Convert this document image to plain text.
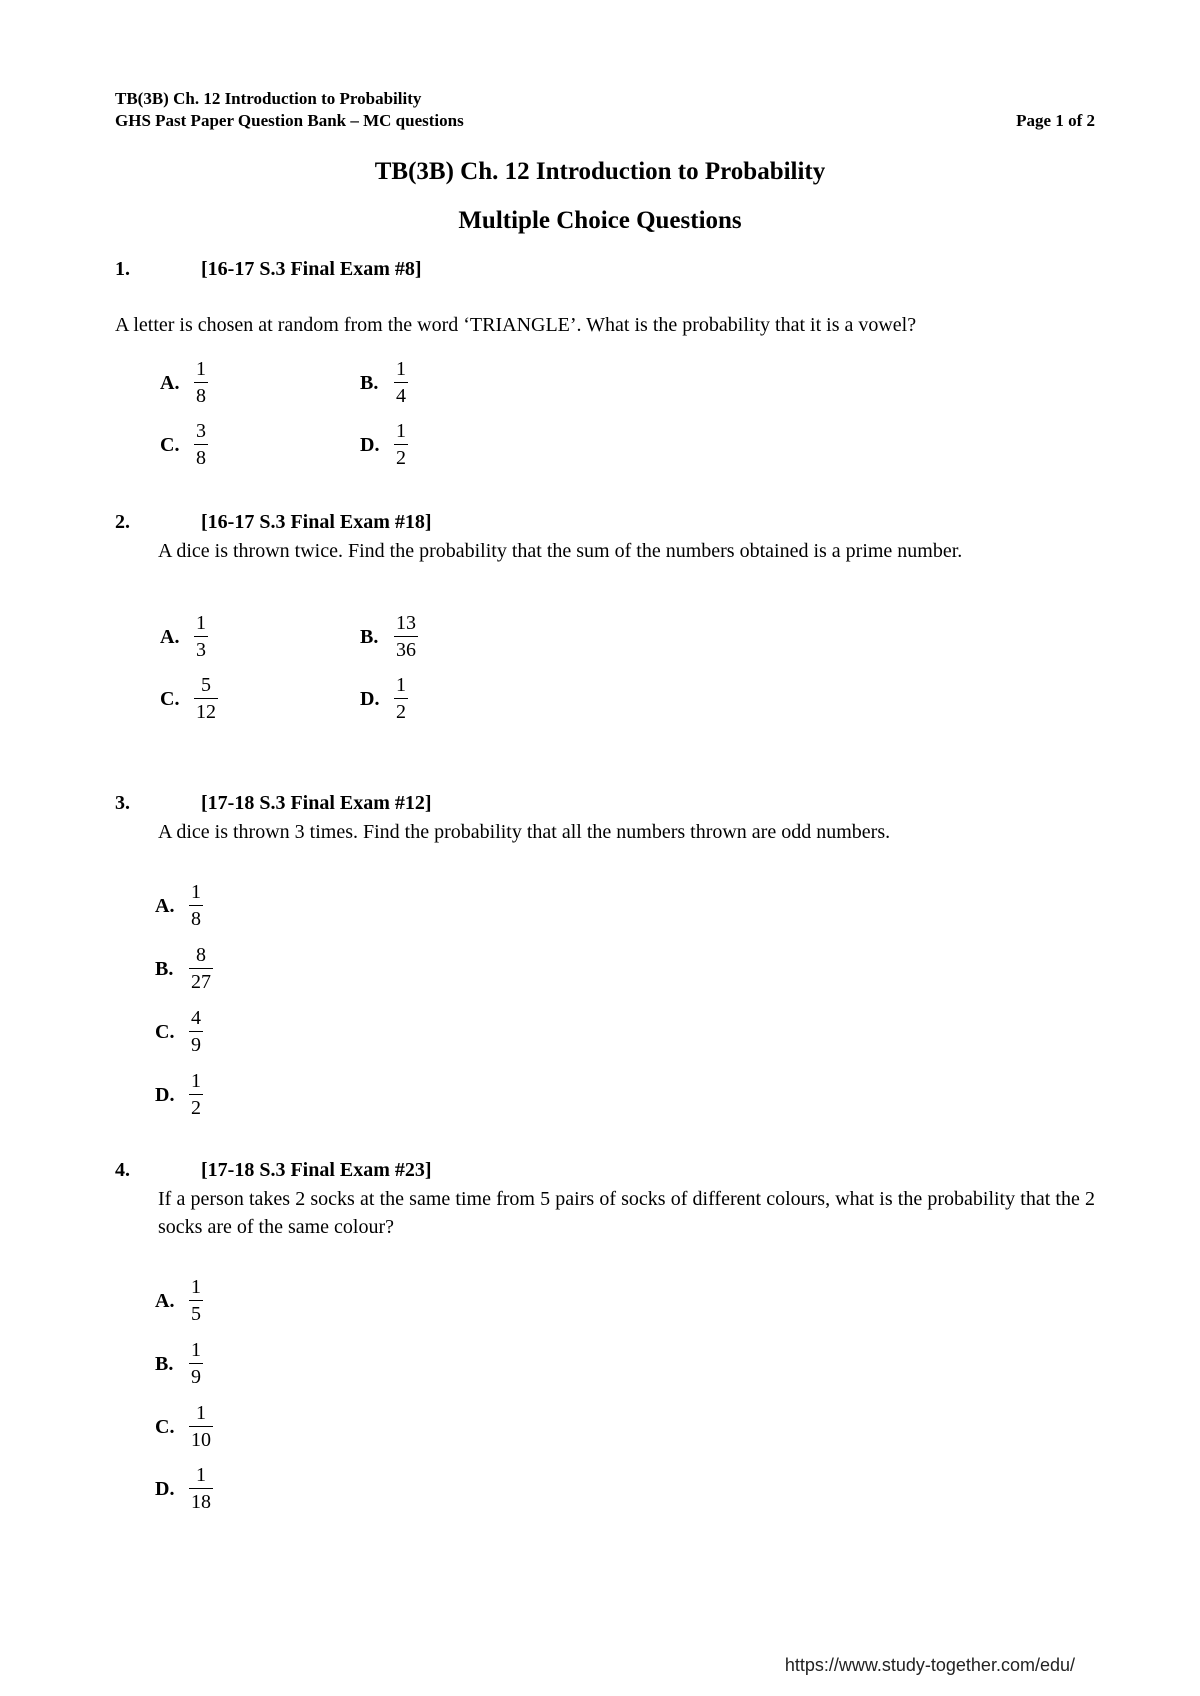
TB(3B) Ch. 12 Introduction to Probability
GHS Past Paper Question Bank – MC questions	Page 1 of 2
TB(3B) Ch. 12 Introduction to Probability
Multiple Choice Questions
1.	[16-17 S.3 Final Exam #8]
A letter is chosen at random from the word ‘TRIANGLE’. What is the probability that it is a vowel?
A. $\frac{1}{8}$	B. $\frac{1}{4}$
C. $\frac{3}{8}$	D. $\frac{1}{2}$
2.	[16-17 S.3 Final Exam #18]
A dice is thrown twice. Find the probability that the sum of the numbers obtained is a prime number.
A. $\frac{1}{3}$	B. $\frac{13}{36}$
C. $\frac{5}{12}$	D. $\frac{1}{2}$
3.	[17-18 S.3 Final Exam #12]
A dice is thrown 3 times. Find the probability that all the numbers thrown are odd numbers.
A. $\frac{1}{8}$
B. $\frac{8}{27}$
C. $\frac{4}{9}$
D. $\frac{1}{2}$
4.	[17-18 S.3 Final Exam #23]
If a person takes 2 socks at the same time from 5 pairs of socks of different colours, what is the probability that the 2 socks are of the same colour?
A. $\frac{1}{5}$
B. $\frac{1}{9}$
C. $\frac{1}{10}$
D. $\frac{1}{18}$
https://www.study-together.com/edu/
